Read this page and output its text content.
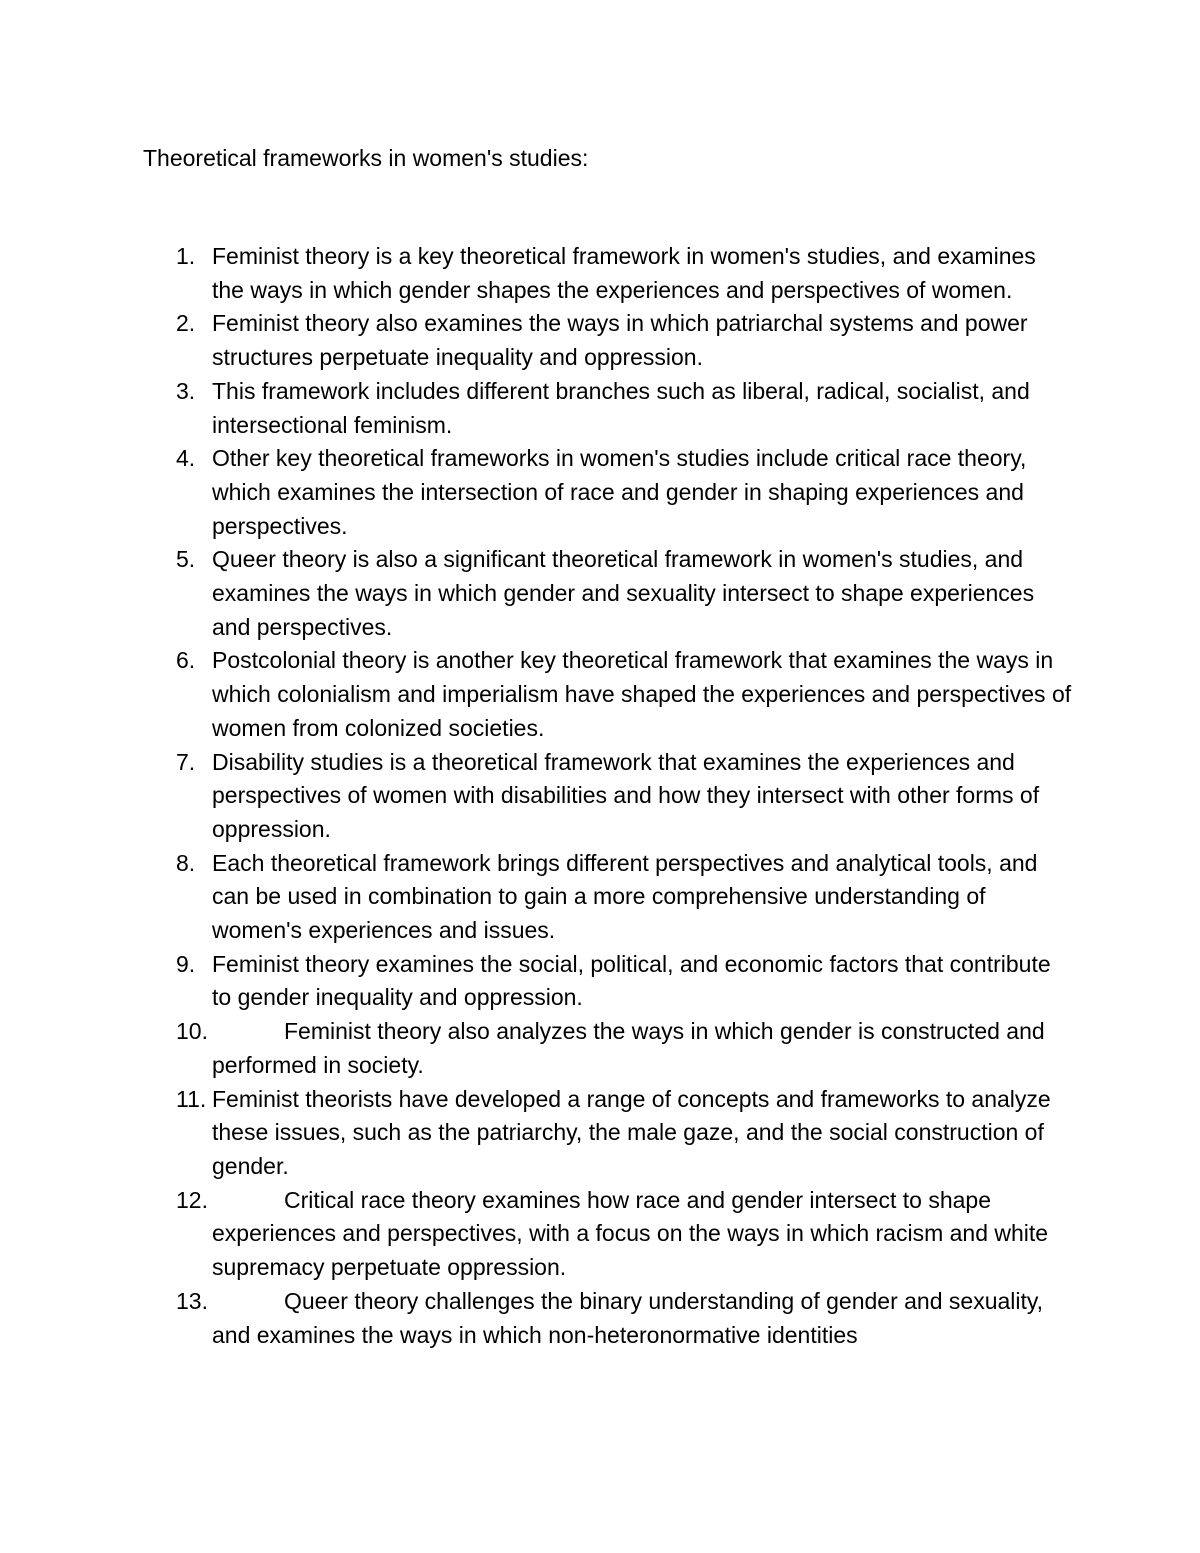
Theoretical frameworks in women's studies:
1. Feminist theory is a key theoretical framework in women's studies, and examines the ways in which gender shapes the experiences and perspectives of women.
2. Feminist theory also examines the ways in which patriarchal systems and power structures perpetuate inequality and oppression.
3. This framework includes different branches such as liberal, radical, socialist, and intersectional feminism.
4. Other key theoretical frameworks in women's studies include critical race theory, which examines the intersection of race and gender in shaping experiences and perspectives.
5. Queer theory is also a significant theoretical framework in women's studies, and examines the ways in which gender and sexuality intersect to shape experiences and perspectives.
6. Postcolonial theory is another key theoretical framework that examines the ways in which colonialism and imperialism have shaped the experiences and perspectives of women from colonized societies.
7. Disability studies is a theoretical framework that examines the experiences and perspectives of women with disabilities and how they intersect with other forms of oppression.
8. Each theoretical framework brings different perspectives and analytical tools, and can be used in combination to gain a more comprehensive understanding of women's experiences and issues.
9. Feminist theory examines the social, political, and economic factors that contribute to gender inequality and oppression.
10.	Feminist theory also analyzes the ways in which gender is constructed and performed in society.
11. Feminist theorists have developed a range of concepts and frameworks to analyze these issues, such as the patriarchy, the male gaze, and the social construction of gender.
12.	Critical race theory examines how race and gender intersect to shape experiences and perspectives, with a focus on the ways in which racism and white supremacy perpetuate oppression.
13.	Queer theory challenges the binary understanding of gender and sexuality, and examines the ways in which non-heteronormative identities
